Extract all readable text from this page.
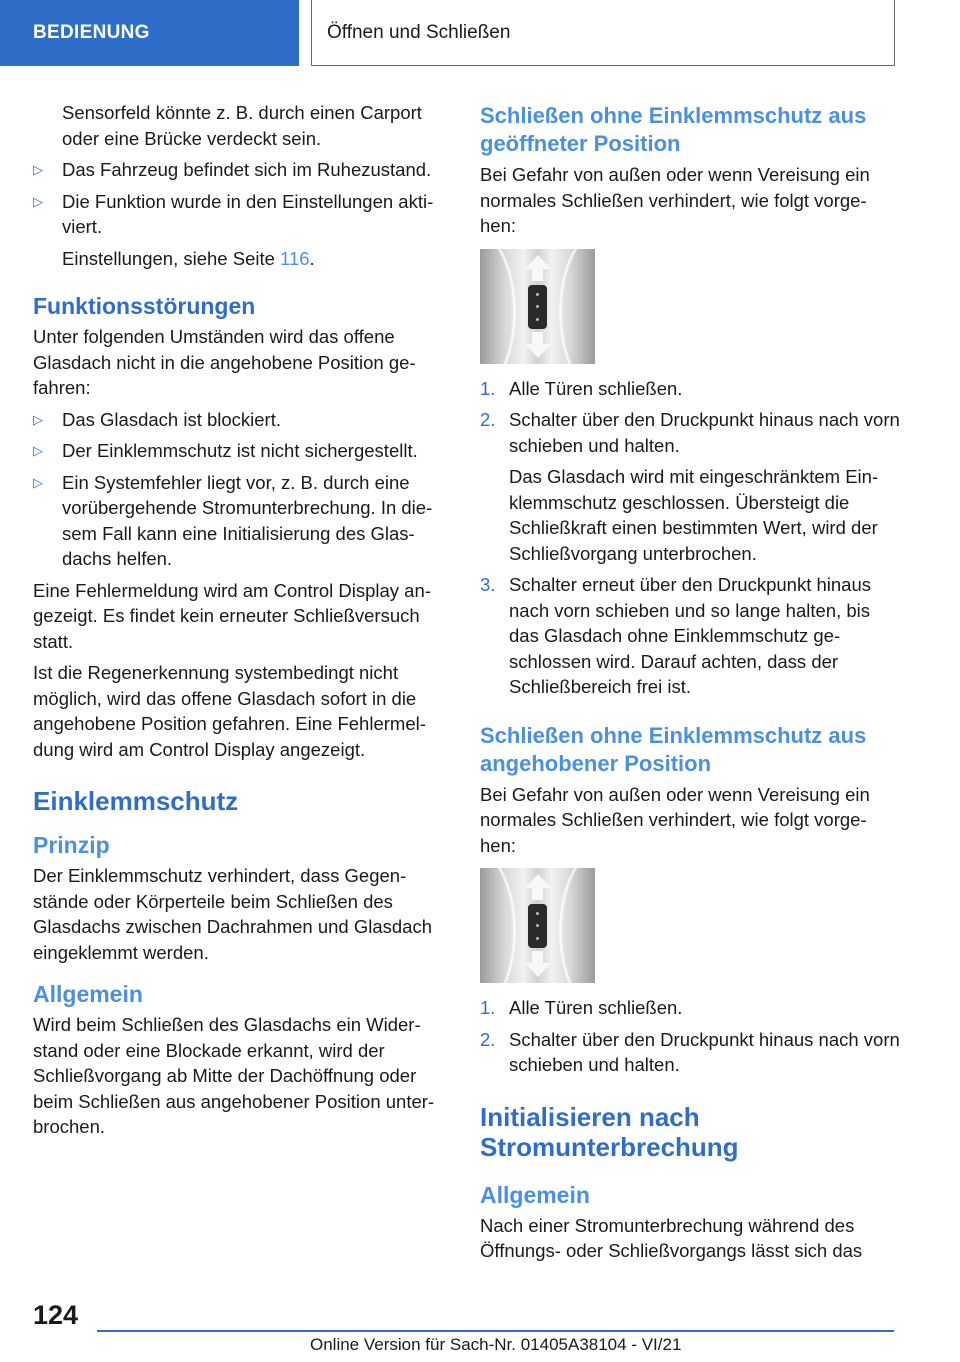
BEDIENUNG	Öffnen und Schließen

Sensorfeld könnte z. B. durch einen Carport oder eine Brücke verdeckt sein.

▷ Das Fahrzeug befindet sich im Ruhezustand.
▷ Die Funktion wurde in den Einstellungen akti‐viert.

Einstellungen, siehe Seite 116.

Funktionsstörungen

Unter folgenden Umständen wird das offene Glasdach nicht in die angehobene Position ge‐fahren:

▷ Das Glasdach ist blockiert.
▷ Der Einklemmschutz ist nicht sichergestellt.
▷ Ein Systemfehler liegt vor, z. B. durch eine vorübergehende Stromunterbrechung. In die‐sem Fall kann eine Initialisierung des Glas‐dachs helfen.

Eine Fehlermeldung wird am Control Display an‐gezeigt. Es findet kein erneuter Schließversuch statt.

Ist die Regenerkennung systembedingt nicht möglich, wird das offene Glasdach sofort in die angehobene Position gefahren. Eine Fehlermel‐dung wird am Control Display angezeigt.

Einklemmschutz
Prinzip

Der Einklemmschutz verhindert, dass Gegen‐stände oder Körperteile beim Schließen des Glasdachs zwischen Dachrahmen und Glasdach eingeklemmt werden.

Allgemein

Wird beim Schließen des Glasdachs ein Wider‐stand oder eine Blockade erkannt, wird der Schließvorgang ab Mitte der Dachöffnung oder beim Schließen aus angehobener Position unter‐brochen.

Schließen ohne Einklemmschutz aus geöffneter Position

Bei Gefahr von außen oder wenn Vereisung ein normales Schließen verhindert, wie folgt vorge‐hen:

1. Alle Türen schließen.
2. Schalter über den Druckpunkt hinaus nach vorn schieben und halten.

Das Glasdach wird mit eingeschränktem Ein‐klemmschutz geschlossen. Übersteigt die Schließkraft einen bestimmten Wert, wird der Schließvorgang unterbrochen.

3. Schalter erneut über den Druckpunkt hinaus nach vorn schieben und so lange halten, bis das Glasdach ohne Einklemmschutz ge‐schlossen wird. Darauf achten, dass der Schließbereich frei ist.
Schließen ohne Einklemmschutz aus angehobener Position

Bei Gefahr von außen oder wenn Vereisung ein normales Schließen verhindert, wie folgt vorge‐hen:

1. Alle Türen schließen.
2. Schalter über den Druckpunkt hinaus nach vorn schieben und halten.
Initialisieren nach Stromunterbrechung
Allgemein

Nach einer Stromunterbrechung während des Öffnungs- oder Schließvorgangs lässt sich das

124
Online Version für Sach-Nr. 01405A38104 - VI/21
